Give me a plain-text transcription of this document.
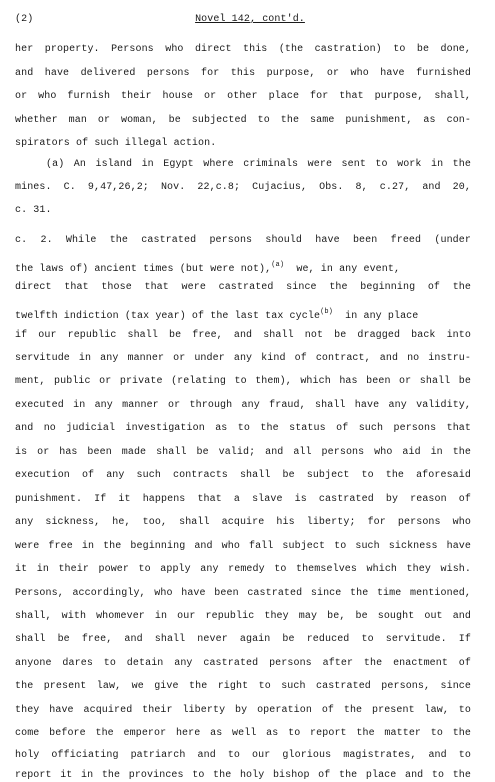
(2)	Novel 142, cont'd.
her property. Persons who direct this (the castration) to be done,
and have delivered persons for this purpose, or who have furnished
or who furnish their house or other place for that purpose, shall,
whether man or woman, be subjected to the same punishment, as con-
spirators of such illegal action.
(a) An island in Egypt where criminals were sent to work in the
mines. C. 9,47,26,2; Nov. 22,c.8; Cujacius, Obs. 8, c.27, and 20,
c. 31.
c. 2. While the castrated persons should have been freed (under
the laws of) ancient times (but were not),$^{(a)}$ we, in any event,
direct that those that were castrated since the beginning of the
twelfth indiction (tax year) of the last tax cycle$^{(b)}$ in any place
if our republic shall be free, and shall not be dragged back into
servitude in any manner or under any kind of contract, and no instru-
ment, public or private (relating to them), which has been or shall be
executed in any manner or through any fraud, shall have any validity,
and no judicial investigation as to the status of such persons that
is or has been made shall be valid; and all persons who aid in the
execution of any such contracts shall be subject to the aforesaid
punishment. If it happens that a slave is castrated by reason of
any sickness, he, too, shall acquire his liberty; for persons who
were free in the beginning and who fall subject to such sickness have
it in their power to apply any remedy to themselves which they wish.
Persons, accordingly, who have been castrated since the time mentioned,
shall, with whomever in our republic they may be, be sought out and
shall be free, and shall never again be reduced to servitude. If
anyone dares to detain any castrated persons after the enactment of
the present law, we give the right to such castrated persons, since
they have acquired their liberty by operation of the present law, to
come before the emperor here as well as to report the matter to the
holy officiating patriarch and to our glorious magistrates, and to
report it in the provinces to the holy bishop of the place and to the
